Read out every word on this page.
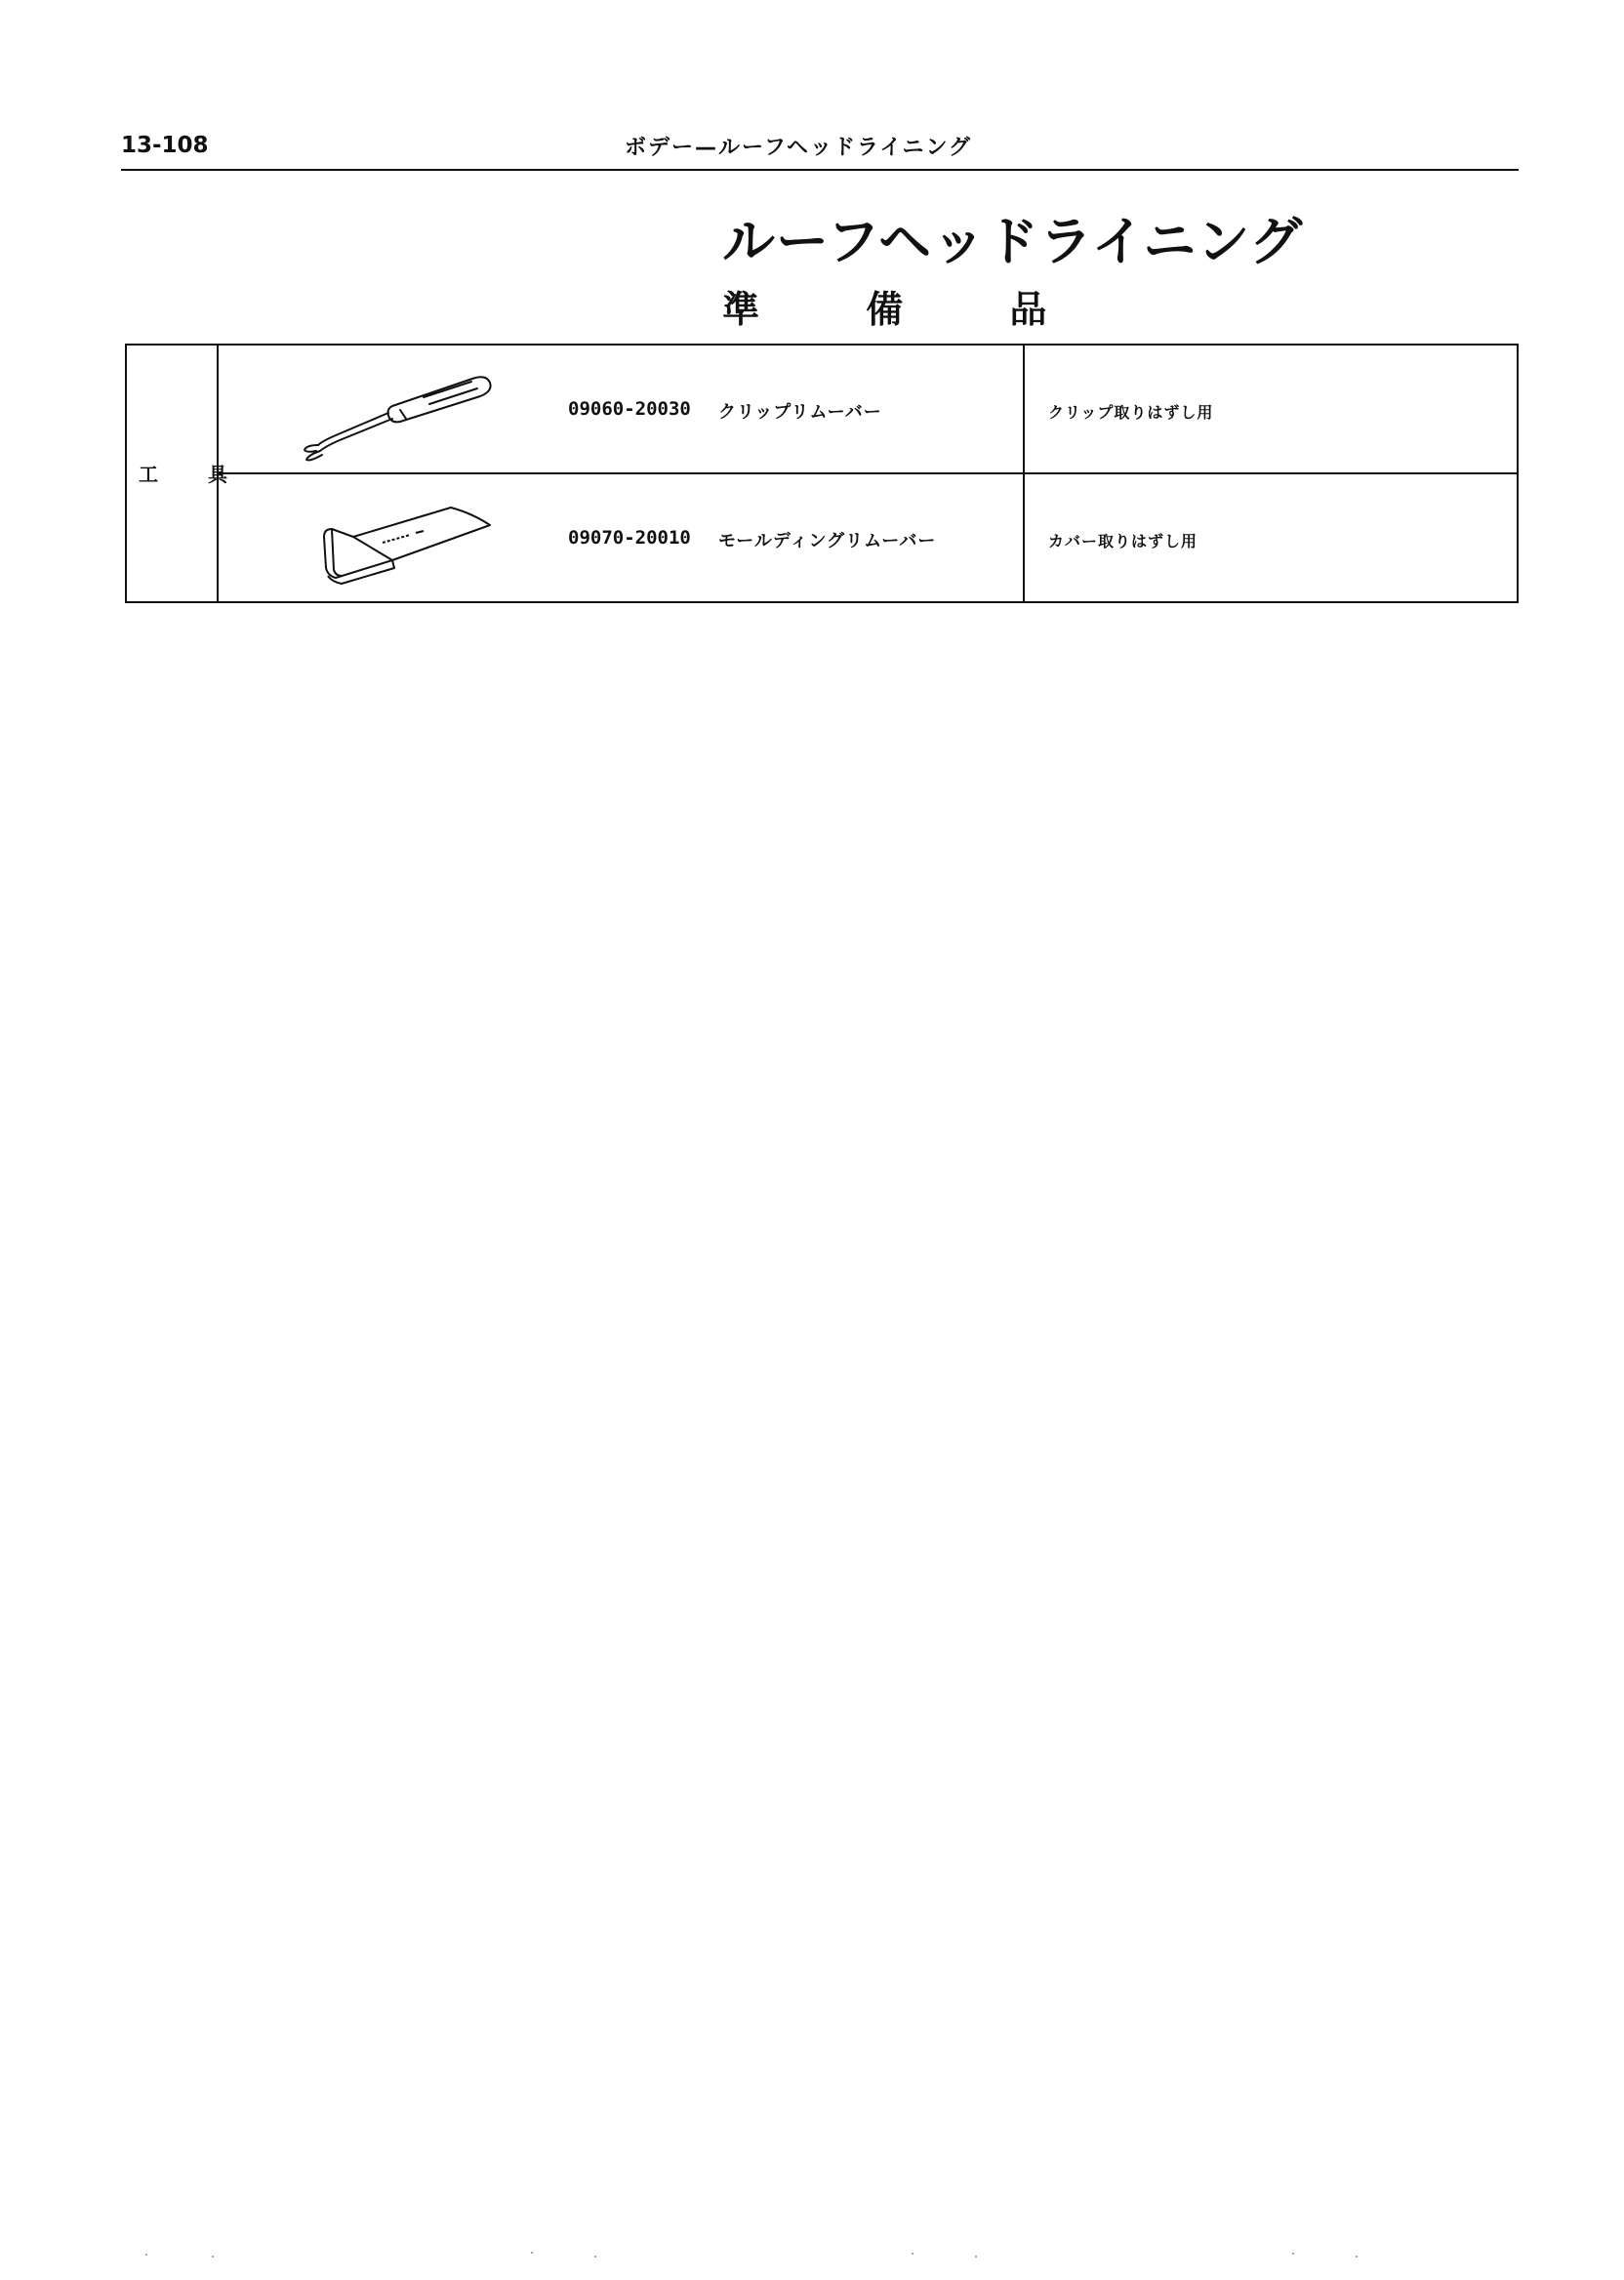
13-108	ボデー—ルーフヘッドライニング
ルーフヘッドライニング
準 備 品
工 具
09060-20030 クリップリムーバー	クリップ取りはずし用
09070-20010 モールディングリムーバー	カバー取りはずし用
